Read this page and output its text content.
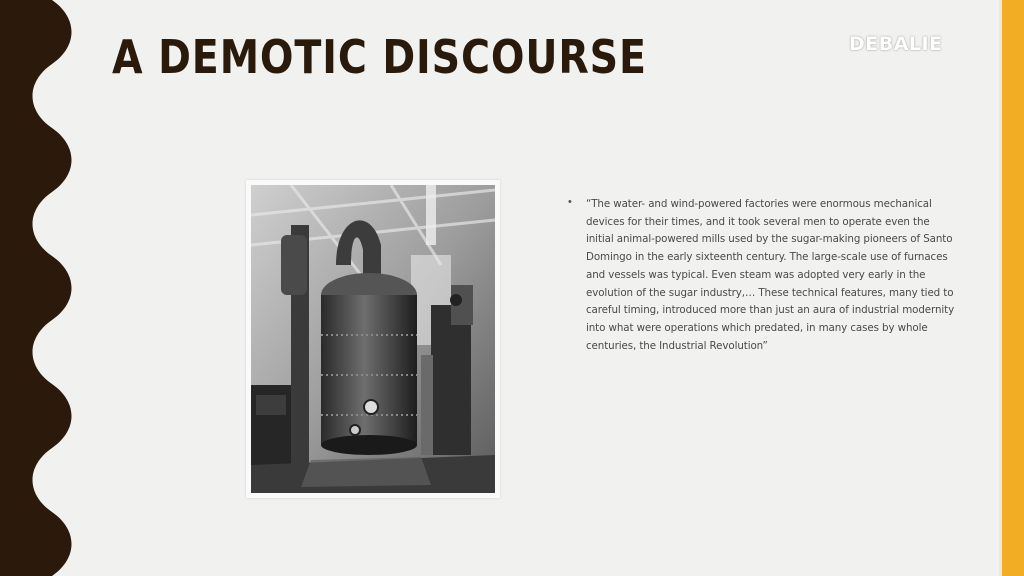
A DEMOTIC DISCOURSE	DEBALIE
• “The water- and wind-powered factories were enormous mechanical devices for their times, and it took several men to operate even the initial animal-powered mills used by the sugar-making pioneers of Santo Domingo in the early sixteenth century. The large-scale use of furnaces and vessels was typical. Even steam was adopted very early in the evolution of the sugar industry,… These technical features, many tied to careful timing, introduced more than just an aura of industrial modernity into what were operations which predated, in many cases by whole centuries, the Industrial Revolution”
